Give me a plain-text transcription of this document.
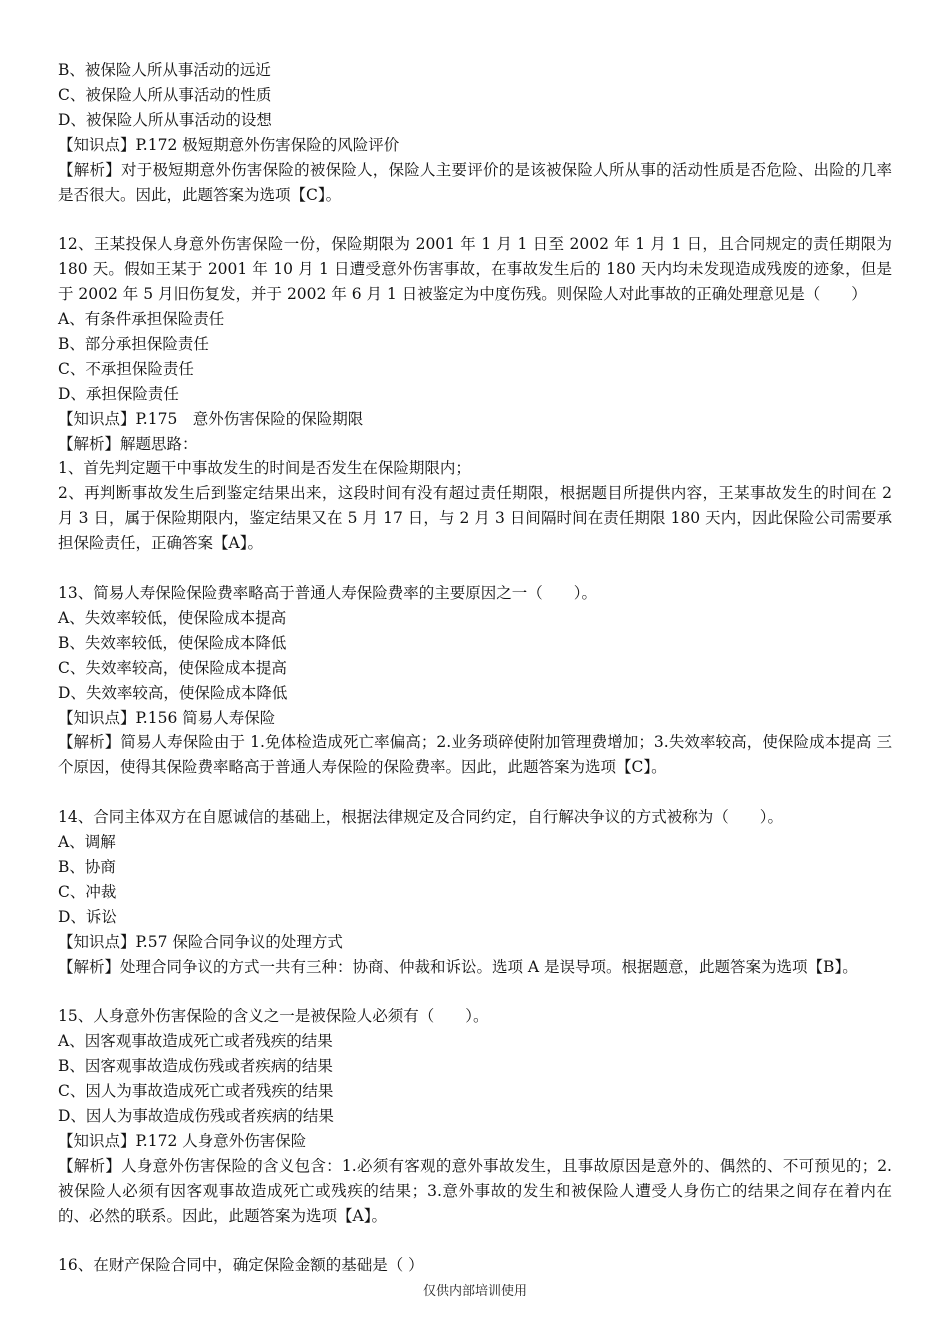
B、被保险人所从事活动的远近
C、被保险人所从事活动的性质
D、被保险人所从事活动的设想
【知识点】P.172 极短期意外伤害保险的风险评价
【解析】对于极短期意外伤害保险的被保险人，保险人主要评价的是该被保险人所从事的活动性质是否危险、出险的几率是否很大。因此，此题答案为选项【C】。
12、王某投保人身意外伤害保险一份，保险期限为 2001 年 1 月 1 日至 2002 年 1 月 1 日，且合同规定的责任期限为 180 天。假如王某于 2001 年 10 月 1 日遭受意外伤害事故，在事故发生后的 180 天内均未发现造成残废的迹象，但是于 2002 年 5 月旧伤复发，并于 2002 年 6 月 1 日被鉴定为中度伤残。则保险人对此事故的正确处理意见是（　　）
A、有条件承担保险责任
B、部分承担保险责任
C、不承担保险责任
D、承担保险责任
【知识点】P.175　意外伤害保险的保险期限
【解析】解题思路：
1、首先判定题干中事故发生的时间是否发生在保险期限内；
2、再判断事故发生后到鉴定结果出来，这段时间有没有超过责任期限，根据题目所提供内容，王某事故发生的时间在 2 月 3 日，属于保险期限内，鉴定结果又在 5 月 17 日，与 2 月 3 日间隔时间在责任期限 180 天内，因此保险公司需要承担保险责任，正确答案【A】。
13、简易人寿保险保险费率略高于普通人寿保险费率的主要原因之一（　　）。
A、失效率较低，使保险成本提高
B、失效率较低，使保险成本降低
C、失效率较高，使保险成本提高
D、失效率较高，使保险成本降低
【知识点】P.156 简易人寿保险
【解析】简易人寿保险由于 1.免体检造成死亡率偏高；2.业务琐碎使附加管理费增加；3.失效率较高，使保险成本提高 三个原因，使得其保险费率略高于普通人寿保险的保险费率。因此，此题答案为选项【C】。
14、合同主体双方在自愿诚信的基础上，根据法律规定及合同约定，自行解决争议的方式被称为（　　）。
A、调解
B、协商
C、冲裁
D、诉讼
【知识点】P.57 保险合同争议的处理方式
【解析】处理合同争议的方式一共有三种：协商、仲裁和诉讼。选项 A 是误导项。根据题意，此题答案为选项【B】。
15、人身意外伤害保险的含义之一是被保险人必须有（　　）。
A、因客观事故造成死亡或者残疾的结果
B、因客观事故造成伤残或者疾病的结果
C、因人为事故造成死亡或者残疾的结果
D、因人为事故造成伤残或者疾病的结果
【知识点】P.172 人身意外伤害保险
【解析】人身意外伤害保险的含义包含：1.必须有客观的意外事故发生，且事故原因是意外的、偶然的、不可预见的；2.被保险人必须有因客观事故造成死亡或残疾的结果；3.意外事故的发生和被保险人遭受人身伤亡的结果之间存在着内在的、必然的联系。因此，此题答案为选项【A】。
16、在财产保险合同中，确定保险金额的基础是（ ）
仅供内部培训使用
